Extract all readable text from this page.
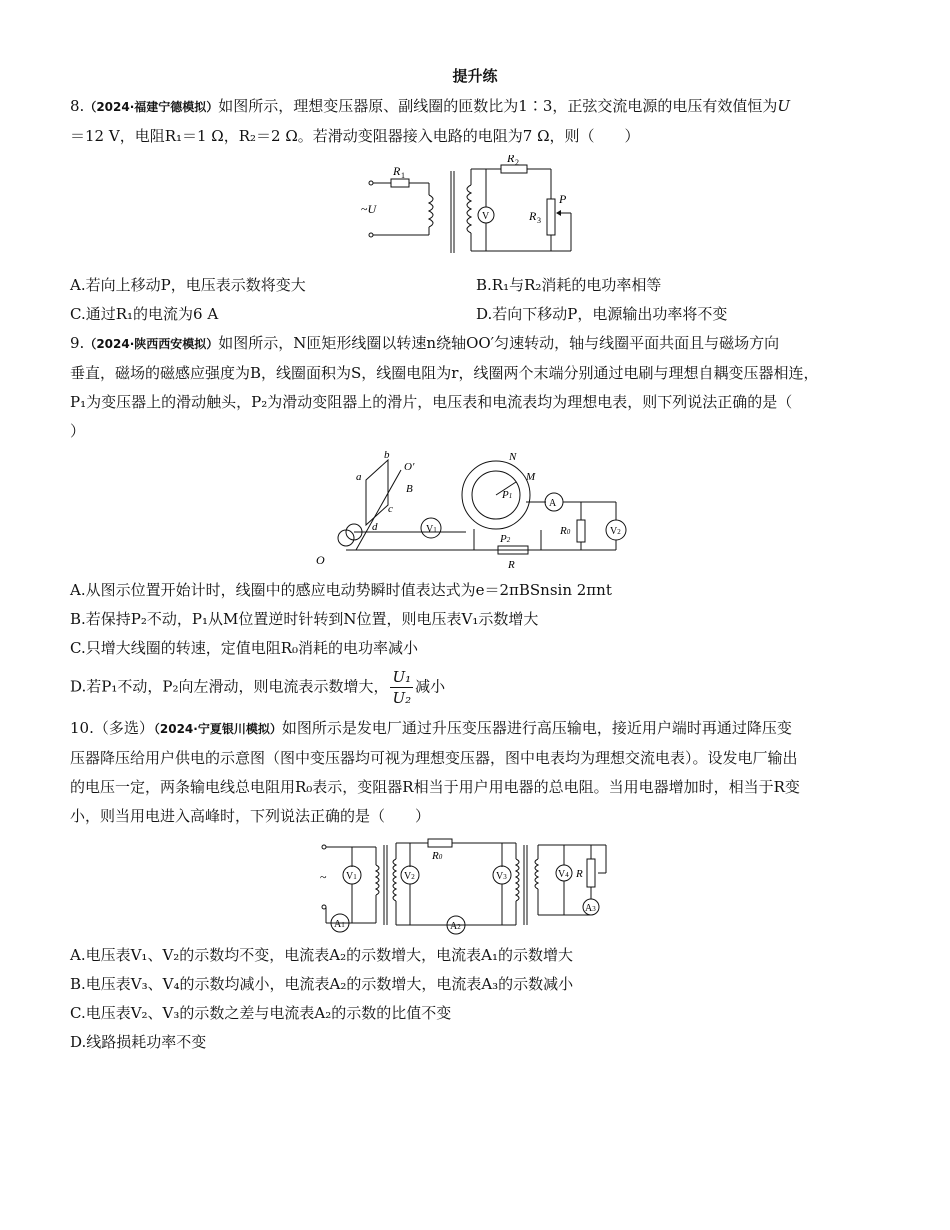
提升练
8.（2024·福建宁德模拟）如图所示，理想变压器原、副线圈的匝数比为1∶3，正弦交流电源的电压有效值恒为U
＝12 V，电阻R₁＝1 Ω，R₂＝2 Ω。若滑动变阻器接入电路的电阻为7 Ω，则（　　）
R 1
R 2
R 3
P
~U
V
A.若向上移动P，电压表示数将变大	B.R₁与R₂消耗的电功率相等
C.通过R₁的电流为6 A	D.若向下移动P，电源输出功率将不变
9.（2024·陕西西安模拟）如图所示，N匝矩形线圈以转速n绕轴OO′匀速转动，轴与线圈平面共面且与磁场方向
垂直，磁场的磁感应强度为B，线圈面积为S，线圈电阻为r，线圈两个末端分别通过电刷与理想自耦变压器相连，
P₁为变压器上的滑动触头，P₂为滑动变阻器上的滑片，电压表和电流表均为理想电表，则下列说法正确的是（
）
a
b
c
d
O′
B
O
V1
N
M
P1
A
R0	V2
P2
R
A.从图示位置开始计时，线圈中的感应电动势瞬时值表达式为e＝2πBSnsin 2πnt
B.若保持P₂不动，P₁从M位置逆时针转到N位置，则电压表V₁示数增大
C.只增大线圈的转速，定值电阻R₀消耗的电功率减小
D.若P₁不动，P₂向左滑动，则电流表示数增大， $\frac{\text{U₁}}{\text{U₂}}$ 减小
10.（多选）（2024·宁夏银川模拟）如图所示是发电厂通过升压变压器进行高压输电，接近用户端时再通过降压变
压器降压给用户供电的示意图（图中变压器均可视为理想变压器，图中电表均为理想交流电表）。设发电厂输出
的电压一定，两条输电线总电阻用R₀表示，变阻器R相当于用户用电器的总电阻。当用电器增加时，相当于R变
小，则当用电进入高峰时，下列说法正确的是（　　）
~ V1
A1
V2
R0
V3
A2
V4 R
A3
A.电压表V₁、V₂的示数均不变，电流表A₂的示数增大，电流表A₁的示数增大
B.电压表V₃、V₄的示数均减小，电流表A₂的示数增大，电流表A₃的示数减小
C.电压表V₂、V₃的示数之差与电流表A₂的示数的比值不变
D.线路损耗功率不变
